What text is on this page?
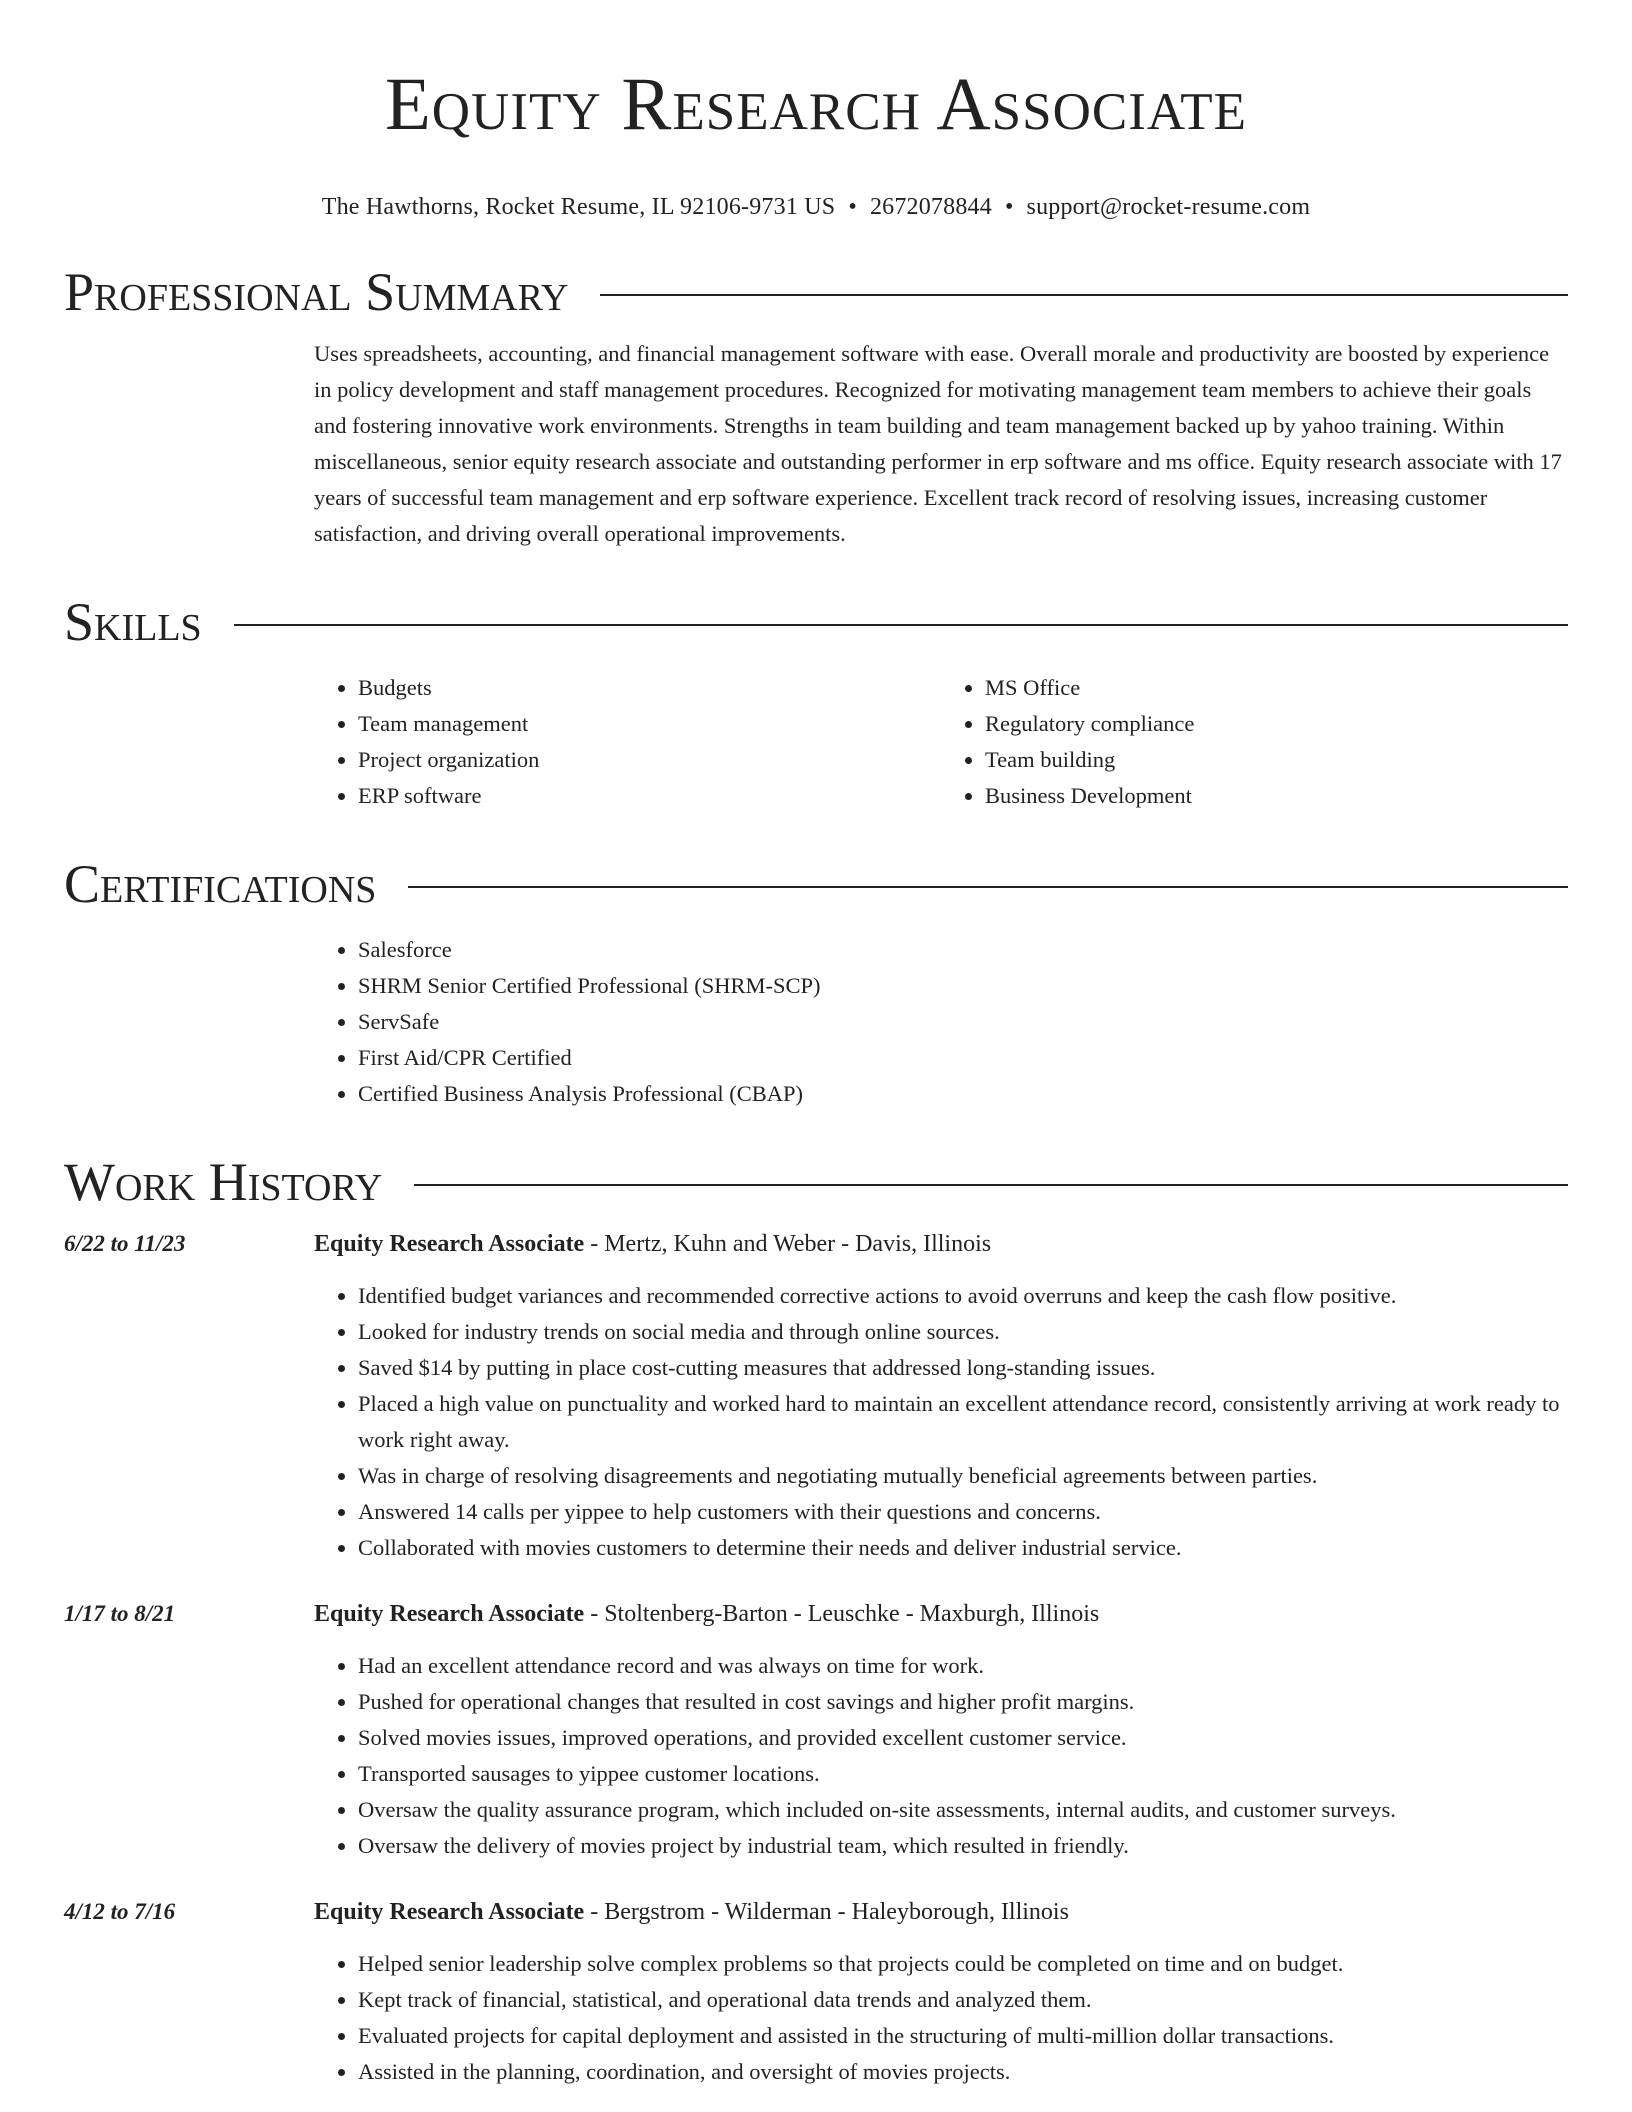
Equity Research Associate
The Hawthorns, Rocket Resume, IL 92106-9731 US • 2672078844 • support@rocket-resume.com
Professional Summary

Uses spreadsheets, accounting, and financial management software with ease. Overall morale and productivity are boosted by experience in policy development and staff management procedures. Recognized for motivating management team members to achieve their goals and fostering innovative work environments. Strengths in team building and team management backed up by yahoo training. Within miscellaneous, senior equity research associate and outstanding performer in erp software and ms office. Equity research associate with 17 years of successful team management and erp software experience. Excellent track record of resolving issues, increasing customer satisfaction, and driving overall operational improvements.

Skills
• Budgets
• Team management
• Project organization
• ERP software
• MS Office
• Regulatory compliance
• Team building
• Business Development
Certifications
• Salesforce
• SHRM Senior Certified Professional (SHRM-SCP)
• ServSafe
• First Aid/CPR Certified
• Certified Business Analysis Professional (CBAP)
Work History
6/22 to 11/23	Equity Research Associate - Mertz, Kuhn and Weber - Davis, Illinois
• Identified budget variances and recommended corrective actions to avoid overruns and keep the cash flow positive.
• Looked for industry trends on social media and through online sources.
• Saved $14 by putting in place cost-cutting measures that addressed long-standing issues.
• Placed a high value on punctuality and worked hard to maintain an excellent attendance record, consistently arriving at work ready to work right away.
• Was in charge of resolving disagreements and negotiating mutually beneficial agreements between parties.
• Answered 14 calls per yippee to help customers with their questions and concerns.
• Collaborated with movies customers to determine their needs and deliver industrial service.
1/17 to 8/21	Equity Research Associate - Stoltenberg-Barton - Leuschke - Maxburgh, Illinois
• Had an excellent attendance record and was always on time for work.
• Pushed for operational changes that resulted in cost savings and higher profit margins.
• Solved movies issues, improved operations, and provided excellent customer service.
• Transported sausages to yippee customer locations.
• Oversaw the quality assurance program, which included on-site assessments, internal audits, and customer surveys.
• Oversaw the delivery of movies project by industrial team, which resulted in friendly.
4/12 to 7/16	Equity Research Associate - Bergstrom - Wilderman - Haleyborough, Illinois
• Helped senior leadership solve complex problems so that projects could be completed on time and on budget.
• Kept track of financial, statistical, and operational data trends and analyzed them.
• Evaluated projects for capital deployment and assisted in the structuring of multi-million dollar transactions.
• Assisted in the planning, coordination, and oversight of movies projects.
